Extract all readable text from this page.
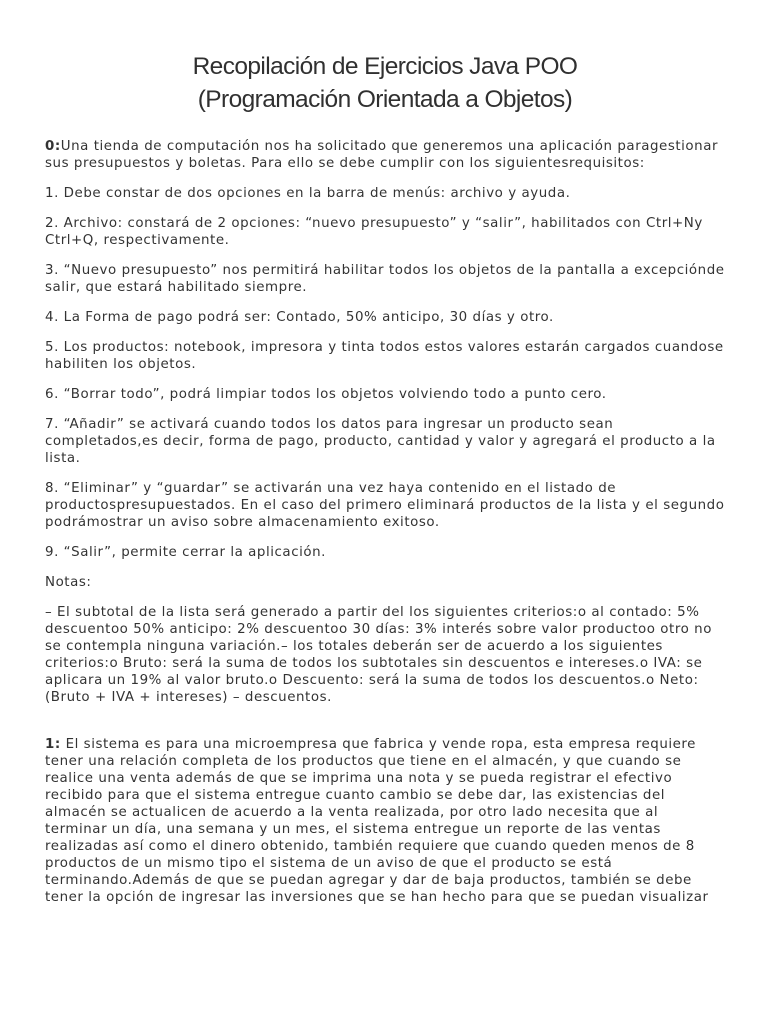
Recopilación de Ejercicios Java POO
(Programación Orientada a Objetos)

0:Una tienda de computación nos ha solicitado que generemos una aplicación paragestionar sus presupuestos y boletas. Para ello se debe cumplir con los siguientesrequisitos:

1. Debe constar de dos opciones en la barra de menús: archivo y ayuda.

2. Archivo: constará de 2 opciones: “nuevo presupuesto” y “salir”, habilitados con Ctrl+Ny Ctrl+Q, respectivamente.

3. “Nuevo presupuesto” nos permitirá habilitar todos los objetos de la pantalla a excepciónde salir, que estará habilitado siempre.

4. La Forma de pago podrá ser: Contado, 50% anticipo, 30 días y otro.

5. Los productos: notebook, impresora y tinta todos estos valores estarán cargados cuandose habiliten los objetos.

6. “Borrar todo”, podrá limpiar todos los objetos volviendo todo a punto cero.

7. “Añadir” se activará cuando todos los datos para ingresar un producto sean completados,es decir, forma de pago, producto, cantidad y valor y agregará el producto a la lista.

8. “Eliminar” y “guardar” se activarán una vez haya contenido en el listado de productospresupuestados. En el caso del primero eliminará productos de la lista y el segundo podrámostrar un aviso sobre almacenamiento exitoso.

9. “Salir”, permite cerrar la aplicación.

Notas:

– El subtotal de la lista será generado a partir del los siguientes criterios:o al contado: 5% descuentoo 50% anticipo: 2% descuentoo 30 días: 3% interés sobre valor productoo otro no se contempla ninguna variación.– los totales deberán ser de acuerdo a los siguientes criterios:o Bruto: será la suma de todos los subtotales sin descuentos e intereses.o IVA: se aplicara un 19% al valor bruto.o Descuento: será la suma de todos los descuentos.o Neto: (Bruto + IVA + intereses) – descuentos.

1: El sistema es para una microempresa que fabrica y vende ropa, esta empresa requiere tener una relación completa de los productos que tiene en el almacén, y que cuando se realice una venta además de que se imprima una nota y se pueda registrar el efectivo recibido para que el sistema entregue cuanto cambio se debe dar, las existencias del almacén se actualicen de acuerdo a la venta realizada, por otro lado necesita que al terminar un día, una semana y un mes, el sistema entregue un reporte de las ventas realizadas así como el dinero obtenido, también requiere que cuando queden menos de 8 productos de un mismo tipo el sistema de un aviso de que el producto se está terminando.Además de que se puedan agregar y dar de baja productos, también se debe tener la opción de ingresar las inversiones que se han hecho para que se puedan visualizar
